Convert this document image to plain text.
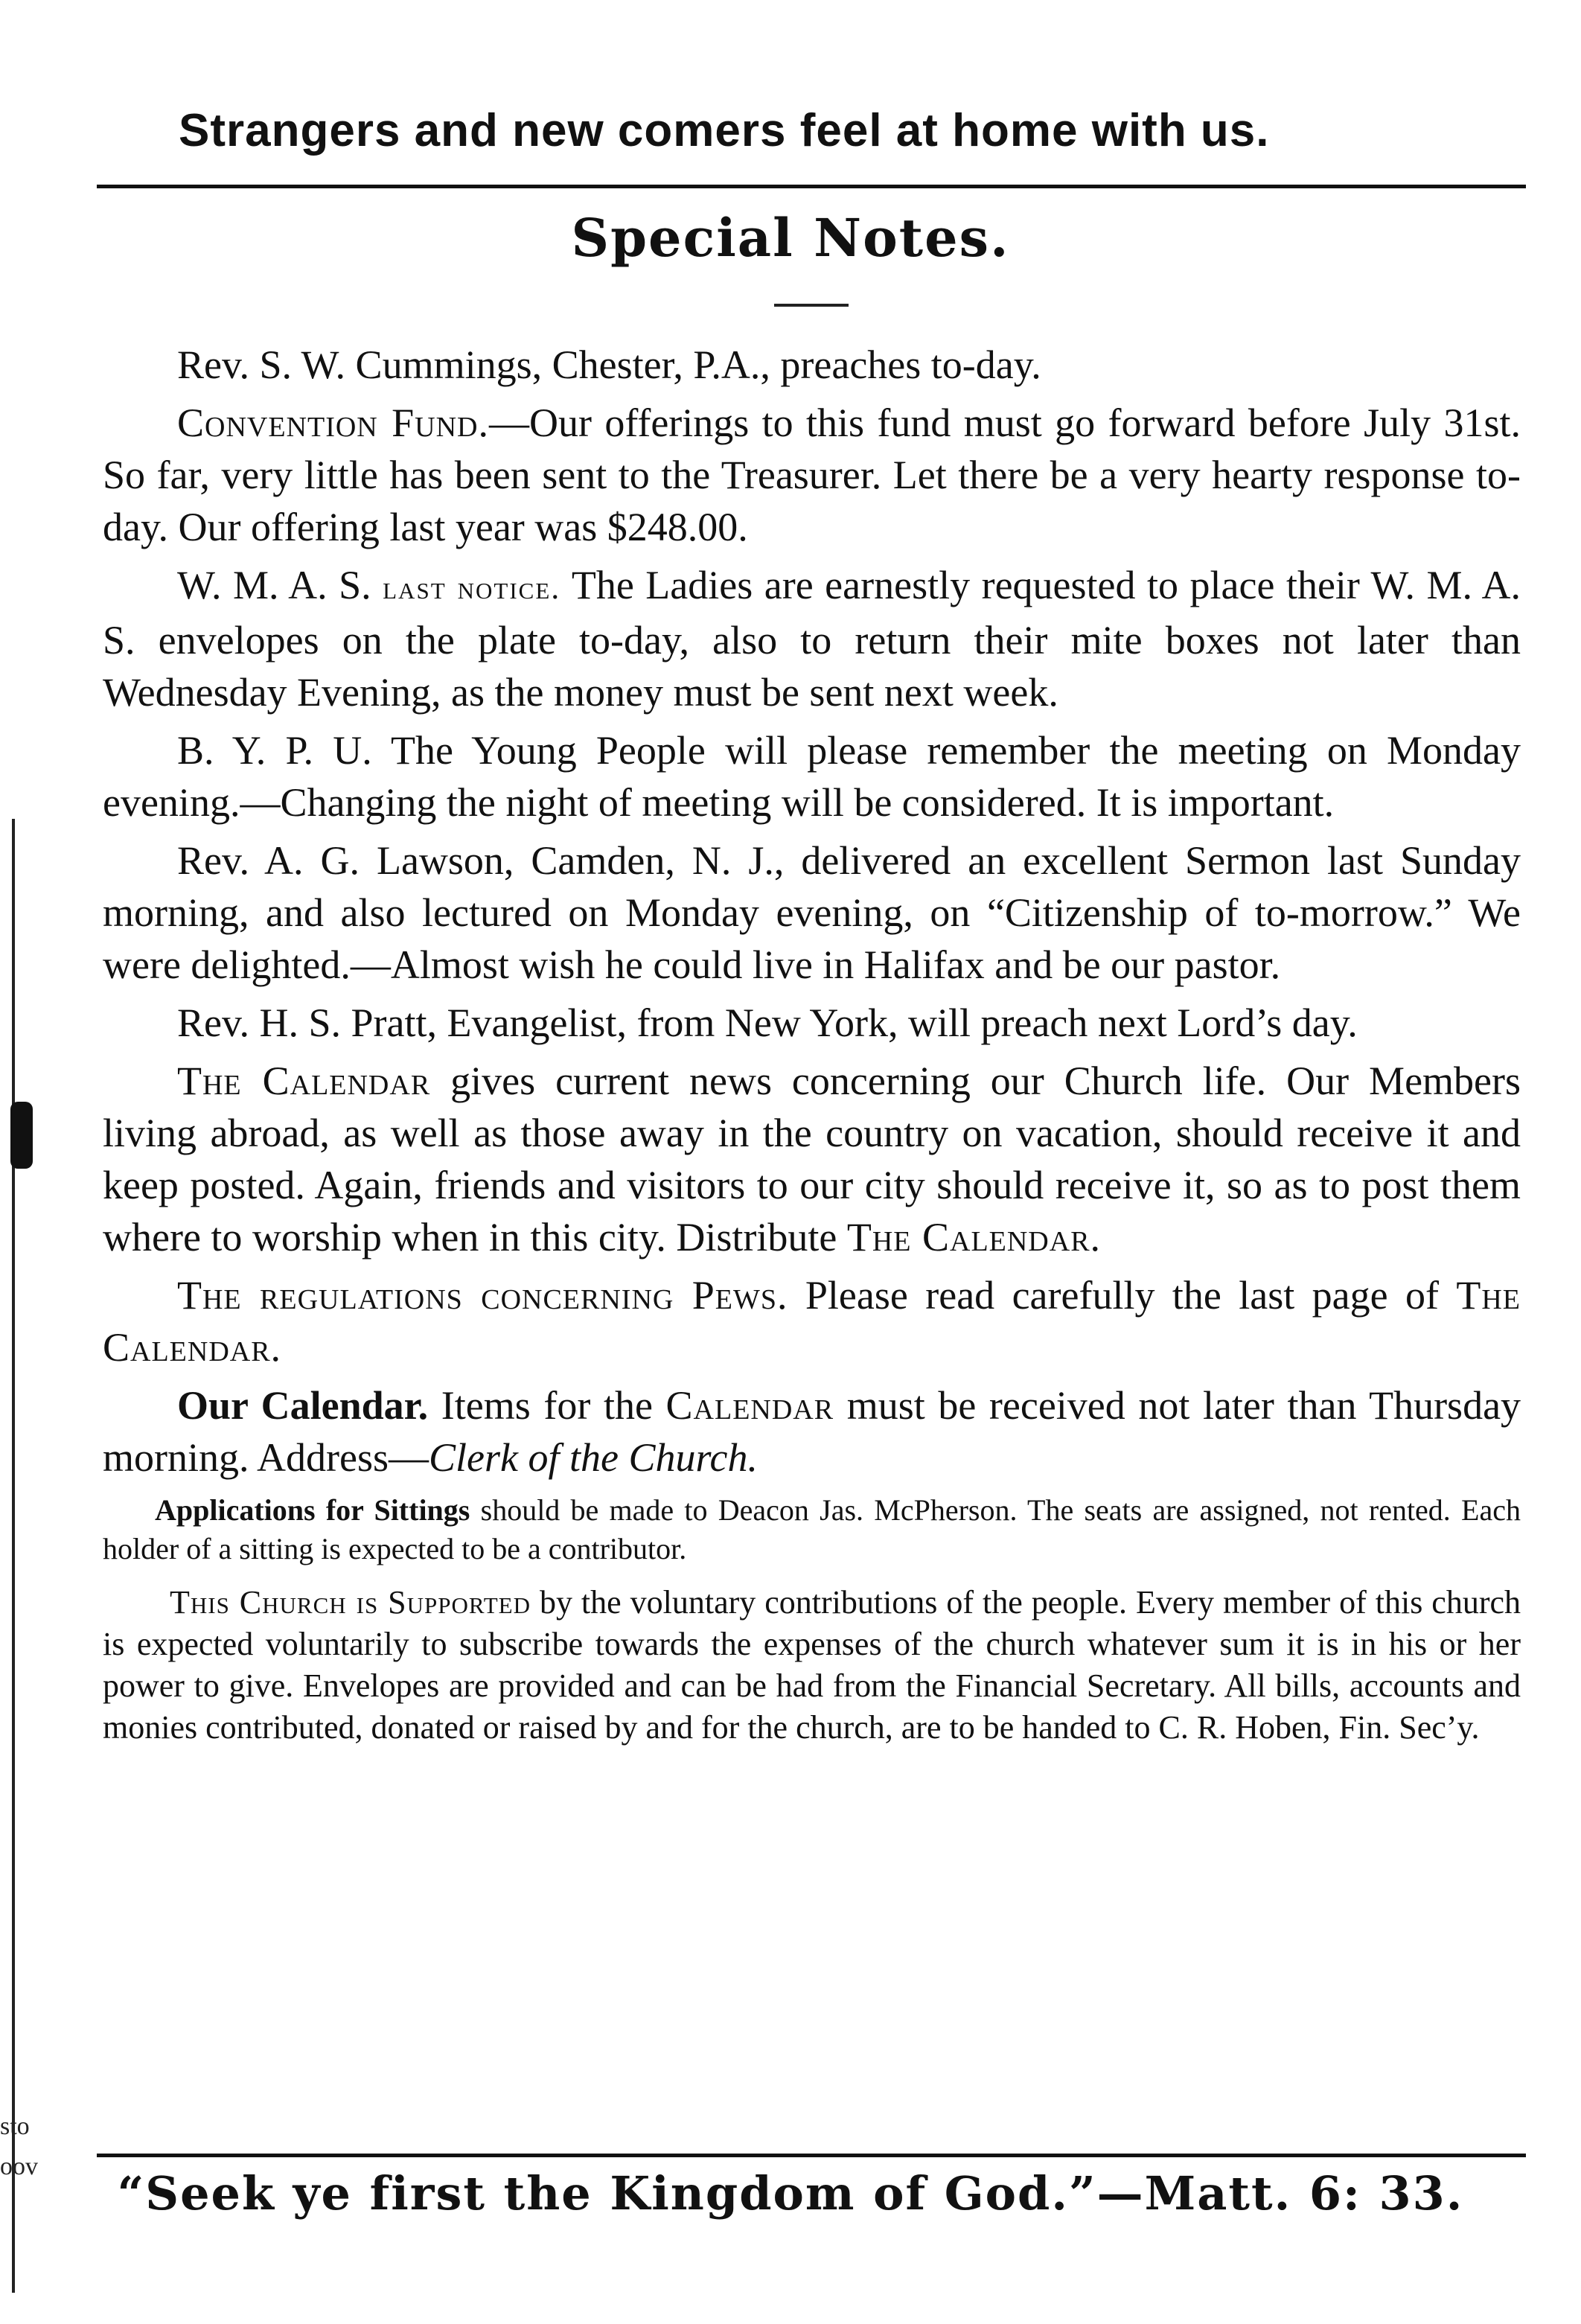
sto
oov
Strangers and new comers feel at home with us.
Special Notes.

Rev. S. W. Cummings, Chester, P.A., preaches to-day.

Convention Fund.—Our offerings to this fund must go forward before July 31st. So far, very little has been sent to the Treasurer. Let there be a very hearty response to-day. Our offering last year was $248.00.

W. M. A. S. last notice. The Ladies are earnestly requested to place their W. M. A. S. envelopes on the plate to-day, also to return their mite boxes not later than Wednesday Evening, as the money must be sent next week.

B. Y. P. U. The Young People will please remember the meeting on Monday evening.—Changing the night of meeting will be considered. It is important.

Rev. A. G. Lawson, Camden, N. J., delivered an excellent Sermon last Sunday morning, and also lectured on Monday evening, on “Citizenship of to-morrow.” We were delighted.—Almost wish he could live in Halifax and be our pastor.

Rev. H. S. Pratt, Evangelist, from New York, will preach next Lord’s day.

The Calendar gives current news concerning our Church life. Our Members living abroad, as well as those away in the country on vacation, should receive it and keep posted. Again, friends and visitors to our city should receive it, so as to post them where to worship when in this city. Distribute The Calendar.

The regulations concerning Pews. Please read carefully the last page of The Calendar.

Our Calendar. Items for the Calendar must be received not later than Thursday morning. Address—Clerk of the Church.

Applications for Sittings should be made to Deacon Jas. McPherson. The seats are assigned, not rented. Each holder of a sitting is expected to be a contributor.

This Church is Supported by the voluntary contributions of the people. Every member of this church is expected voluntarily to subscribe towards the expenses of the church whatever sum it is in his or her power to give. Envelopes are provided and can be had from the Financial Secretary. All bills, accounts and monies contributed, donated or raised by and for the church, are to be handed to C. R. Hoben, Fin. Sec’y.

“Seek ye first the Kingdom of God.”—Matt. 6: 33.
